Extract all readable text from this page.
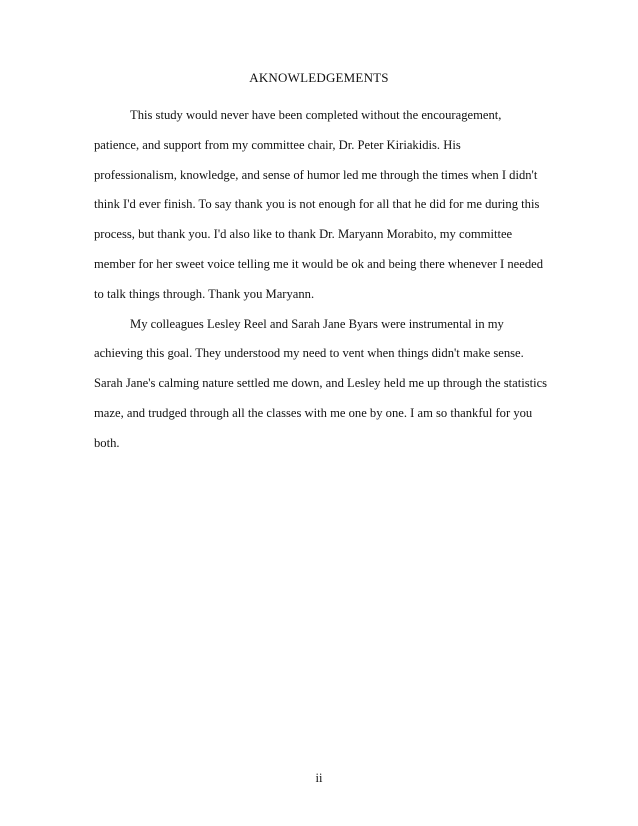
AKNOWLEDGEMENTS
This study would never have been completed without the encouragement,
patience, and support from my committee chair, Dr. Peter Kiriakidis. His
professionalism, knowledge, and sense of humor led me through the times when I didn't
think I'd ever finish. To say thank you is not enough for all that he did for me during this
process, but thank you. I'd also like to thank Dr. Maryann Morabito, my committee
member for her sweet voice telling me it would be ok and being there whenever I needed
to talk things through. Thank you Maryann.
My colleagues Lesley Reel and Sarah Jane Byars were instrumental in my
achieving this goal. They understood my need to vent when things didn't make sense.
Sarah Jane's calming nature settled me down, and Lesley held me up through the statistics
maze, and trudged through all the classes with me one by one. I am so thankful for you
both.
ii
